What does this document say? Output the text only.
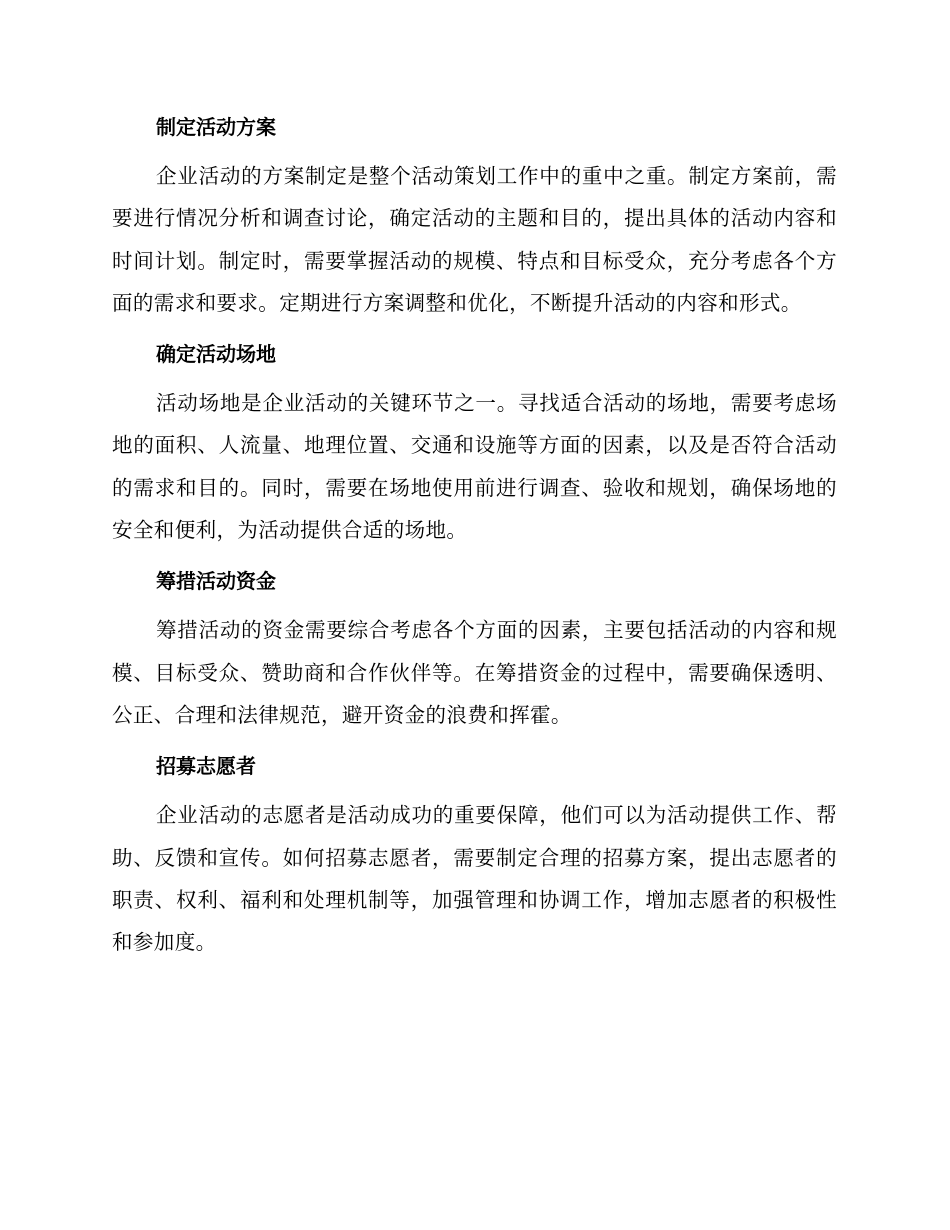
制定活动方案
企业活动的方案制定是整个活动策划工作中的重中之重。制定方案前，需要进行情况分析和调查讨论，确定活动的主题和目的，提出具体的活动内容和时间计划。制定时，需要掌握活动的规模、特点和目标受众，充分考虑各个方面的需求和要求。定期进行方案调整和优化，不断提升活动的内容和形式。
确定活动场地
活动场地是企业活动的关键环节之一。寻找适合活动的场地，需要考虑场地的面积、人流量、地理位置、交通和设施等方面的因素，以及是否符合活动的需求和目的。同时，需要在场地使用前进行调查、验收和规划，确保场地的安全和便利，为活动提供合适的场地。
筹措活动资金
筹措活动的资金需要综合考虑各个方面的因素，主要包括活动的内容和规模、目标受众、赞助商和合作伙伴等。在筹措资金的过程中，需要确保透明、公正、合理和法律规范，避开资金的浪费和挥霍。
招募志愿者
企业活动的志愿者是活动成功的重要保障，他们可以为活动提供工作、帮助、反馈和宣传。如何招募志愿者，需要制定合理的招募方案，提出志愿者的职责、权利、福利和处理机制等，加强管理和协调工作，增加志愿者的积极性和参加度。
